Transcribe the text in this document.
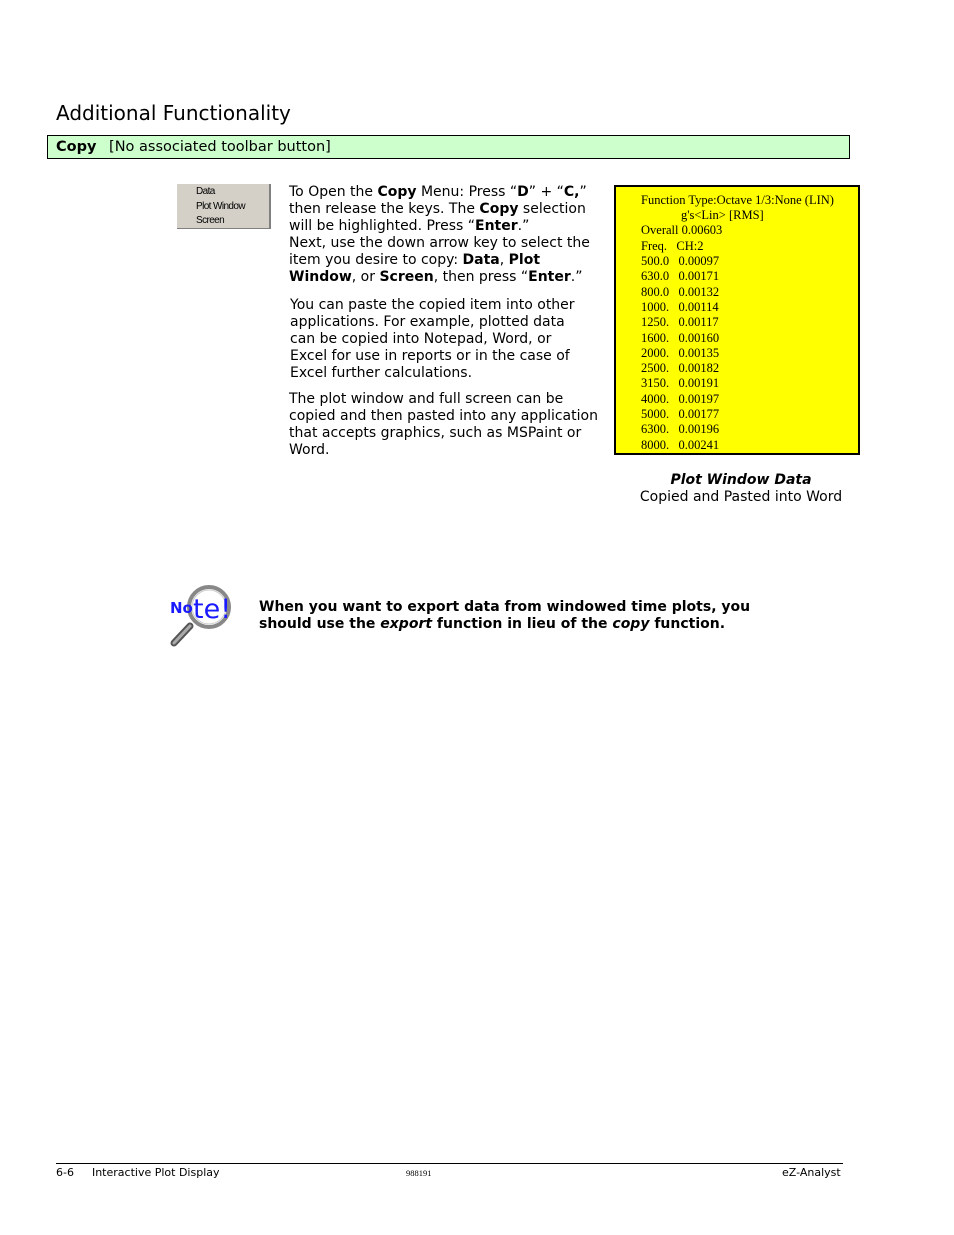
Additional Functionality
Copy [No associated toolbar button]
Data
Plot Window
Screen
To Open the Copy Menu: Press “D” + “C,” then release the keys. The Copy selection will be highlighted. Press “Enter.”
Next, use the down arrow key to select the item you desire to copy: Data, Plot Window, or Screen, then press “Enter.”
You can paste the copied item into other applications. For example, plotted data can be copied into Notepad, Word, or Excel for use in reports or in the case of Excel further calculations.
The plot window and full screen can be copied and then pasted into any application that accepts graphics, such as MSPaint or Word.
Function Type:Octave 1/3:None (LIN)
g's<Lin> [RMS]
Overall 0.00603
Freq.   CH:2
500.0   0.00097
630.0   0.00171
800.0   0.00132
1000.   0.00114
1250.   0.00117
1600.   0.00160
2000.   0.00135
2500.   0.00182
3150.   0.00191
4000.   0.00197
5000.   0.00177
6300.   0.00196
8000.   0.00241
Plot Window Data
Copied and Pasted into Word
No te! When you want to export data from windowed time plots, you should use the export function in lieu of the copy function.
6-6 Interactive Plot Display	988191	eZ-Analyst
